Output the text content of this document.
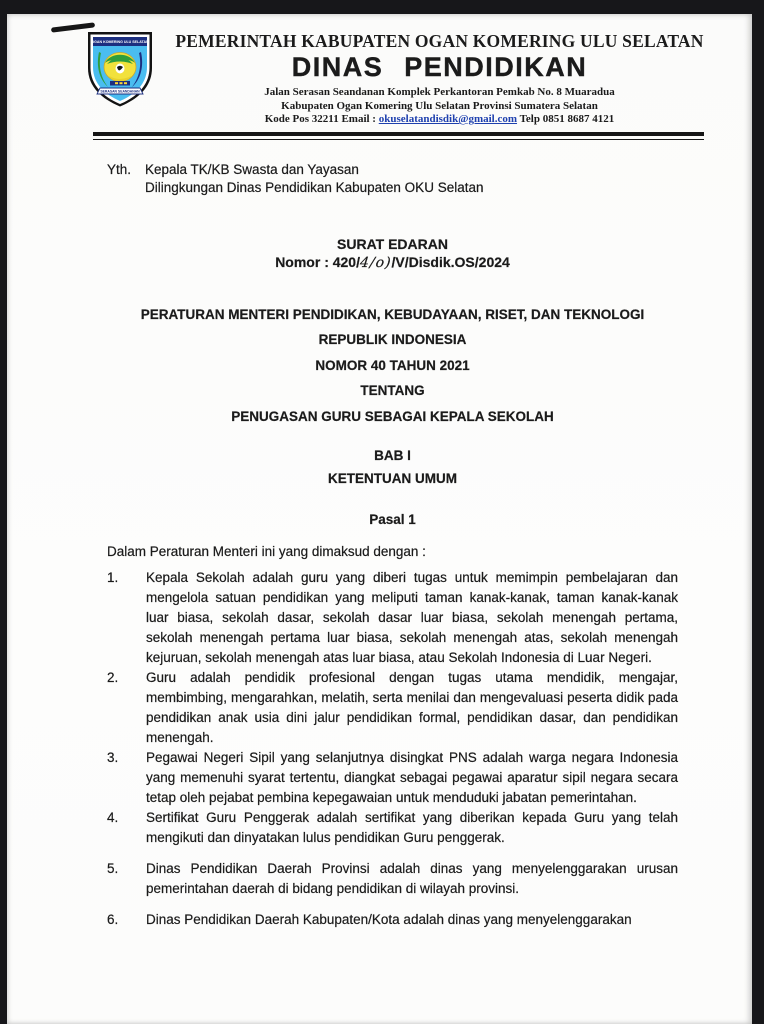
OGAN KOMERING ULU SELATAN
SERASAN SEANDANAN
PEMERINTAH KABUPATEN OGAN KOMERING ULU SELATAN
DINAS PENDIDIKAN
Jalan Serasan Seandanan Komplek Perkantoran Pemkab No. 8 Muaradua
Kabupaten Ogan Komering Ulu Selatan Provinsi Sumatera Selatan
Kode Pos 32211 Email : okuselatandisdik@gmail.com Telp 0851 8687 4121
Yth.	Kepala TK/KB Swasta dan Yayasan
Dilingkungan Dinas Pendidikan Kabupaten OKU Selatan
SURAT EDARAN
Nomor : 420/4/o)/V/Disdik.OS/2024
PERATURAN MENTERI PENDIDIKAN, KEBUDAYAAN, RISET, DAN TEKNOLOGI
REPUBLIK INDONESIA
NOMOR 40 TAHUN 2021
TENTANG
PENUGASAN GURU SEBAGAI KEPALA SEKOLAH
BAB I
KETENTUAN UMUM
Pasal 1
Dalam Peraturan Menteri ini yang dimaksud dengan :
1.	Kepala Sekolah adalah guru yang diberi tugas untuk memimpin pembelajaran dan mengelola satuan pendidikan yang meliputi taman kanak-kanak, taman kanak-kanak luar biasa, sekolah dasar, sekolah dasar luar biasa, sekolah menengah pertama, sekolah menengah pertama luar biasa, sekolah menengah atas, sekolah menengah kejuruan, sekolah menengah atas luar biasa, atau Sekolah Indonesia di Luar Negeri.
2.	Guru adalah pendidik profesional dengan tugas utama mendidik, mengajar, membimbing, mengarahkan, melatih, serta menilai dan mengevaluasi peserta didik pada pendidikan anak usia dini jalur pendidikan formal, pendidikan dasar, dan pendidikan menengah.
3.	Pegawai Negeri Sipil yang selanjutnya disingkat PNS adalah warga negara Indonesia yang memenuhi syarat tertentu, diangkat sebagai pegawai aparatur sipil negara secara tetap oleh pejabat pembina kepegawaian untuk menduduki jabatan pemerintahan.
4.	Sertifikat Guru Penggerak adalah sertifikat yang diberikan kepada Guru yang telah mengikuti dan dinyatakan lulus pendidikan Guru penggerak.
5.	Dinas Pendidikan Daerah Provinsi adalah dinas yang menyelenggarakan urusan pemerintahan daerah di bidang pendidikan di wilayah provinsi.
6.	Dinas Pendidikan Daerah Kabupaten/Kota adalah dinas yang menyelenggarakan
